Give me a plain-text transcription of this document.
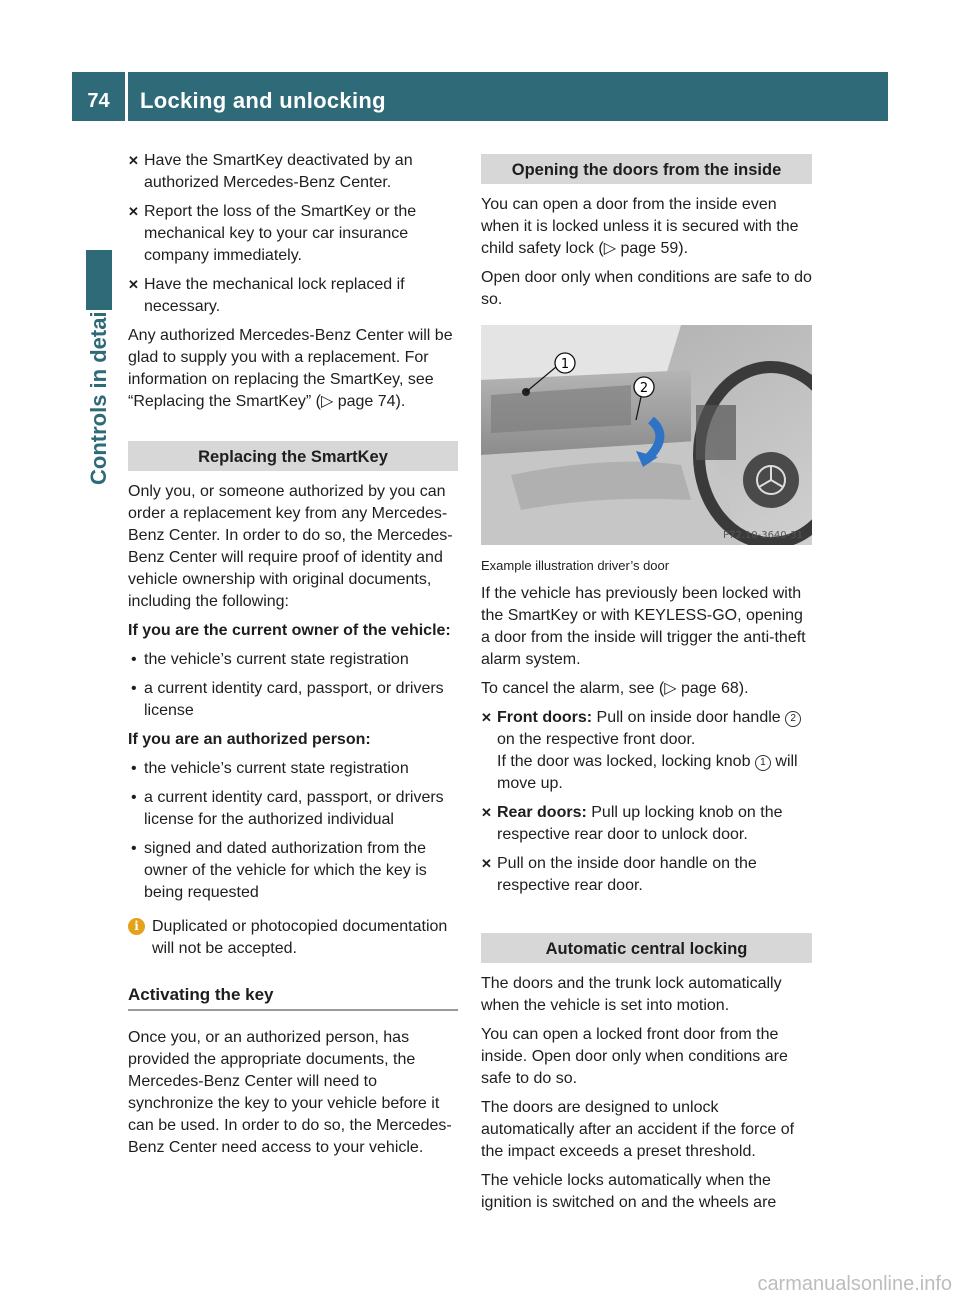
74	Locking and unlocking
Controls in detail
✕ Have the SmartKey deactivated by an authorized Mercedes-Benz Center.
✕ Report the loss of the SmartKey or the mechanical key to your car insurance company immediately.
✕ Have the mechanical lock replaced if necessary.

Any authorized Mercedes-Benz Center will be glad to supply you with a replacement. For information on replacing the SmartKey, see “Replacing the SmartKey” (▷ page 74).

Replacing the SmartKey

Only you, or someone authorized by you can order a replacement key from any Mercedes-Benz Center. In order to do so, the Mercedes-Benz Center will require proof of identity and vehicle ownership with original documents, including the following:

If you are the current owner of the vehicle:

• the vehicle’s current state registration
• a current identity card, passport, or drivers license

If you are an authorized person:

• the vehicle’s current state registration
• a current identity card, passport, or drivers license for the authorized individual
• signed and dated authorization from the owner of the vehicle for which the key is being requested
i Duplicated or photocopied documentation will not be accepted.
Activating the key

Once you, or an authorized person, has provided the appropriate documents, the Mercedes-Benz Center will need to synchronize the key to your vehicle before it can be used. In order to do so, the Mercedes-Benz Center need access to your vehicle.

Opening the doors from the inside

You can open a door from the inside even when it is locked unless it is secured with the child safety lock (▷ page 59).

Open door only when conditions are safe to do so.

1
2
P72.10-3640-31

Example illustration driver’s door

If the vehicle has previously been locked with the SmartKey or with KEYLESS-GO, opening a door from the inside will trigger the anti-theft alarm system.

To cancel the alarm, see (▷ page 68).

✕ Front doors: Pull on inside door handle 2 on the respective front door.
If the door was locked, locking knob 1 will move up.
✕ Rear doors: Pull up locking knob on the respective rear door to unlock door.
✕ Pull on the inside door handle on the respective rear door.
Automatic central locking

The doors and the trunk lock automatically when the vehicle is set into motion.

You can open a locked front door from the inside. Open door only when conditions are safe to do so.

The doors are designed to unlock automatically after an accident if the force of the impact exceeds a preset threshold.

The vehicle locks automatically when the ignition is switched on and the wheels are

carmanualsonline.info
